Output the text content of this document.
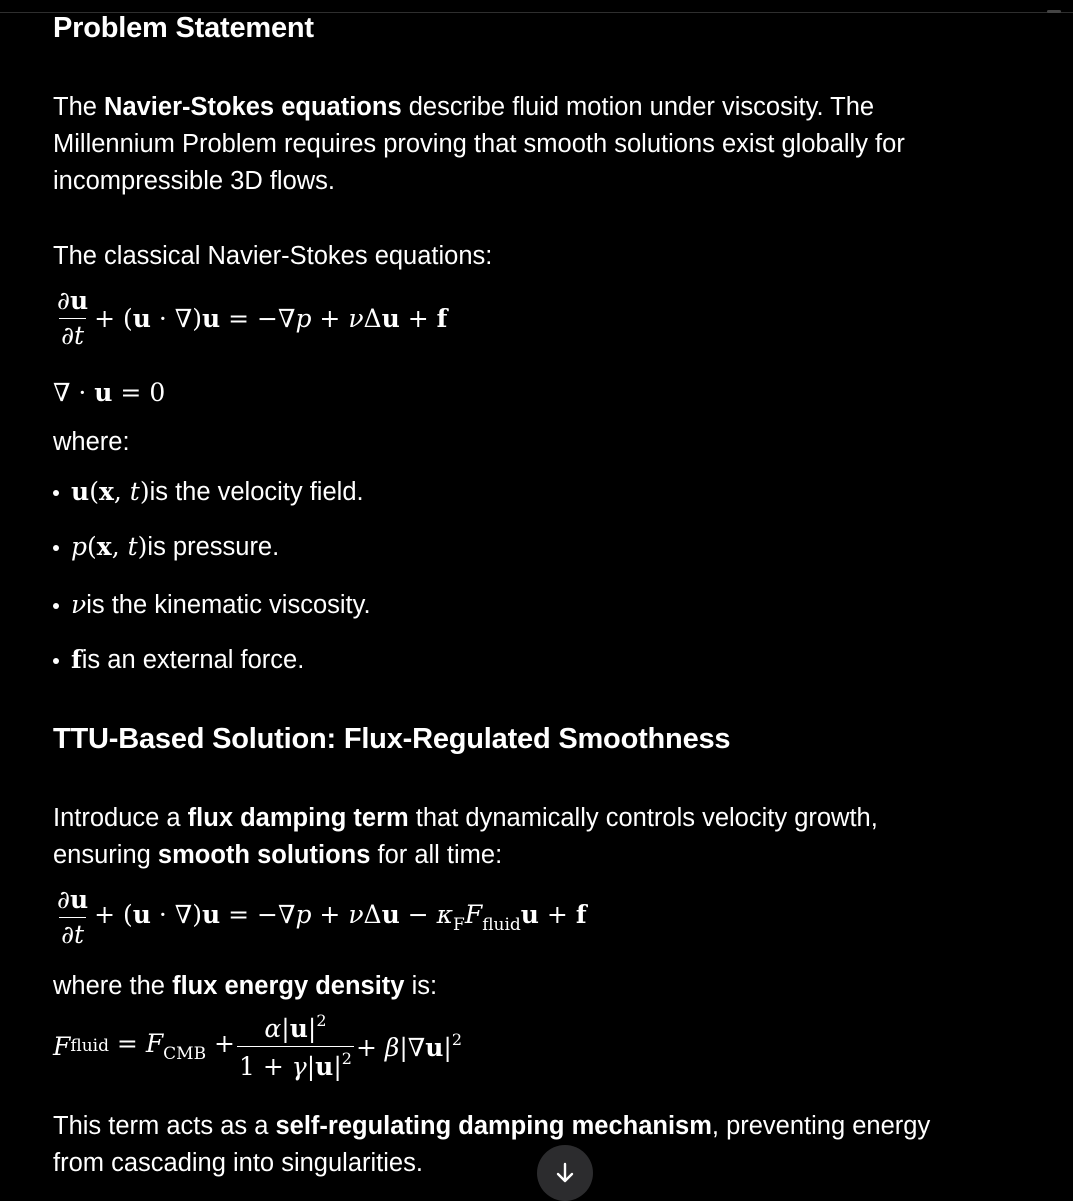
Problem Statement
The Navier-Stokes equations describe fluid motion under viscosity. The
Millennium Problem requires proving that smooth solutions exist globally for
incompressible 3D flows.
The classical Navier-Stokes equations:
$\frac{\partial u}{\partial t} + (u \cdot \nabla)u = -\nabla p + \nu\Delta u + f$
∇ · u = 0
where:
u(x, t) is the velocity field.
p(x, t) is pressure.
ν is the kinematic viscosity.
f is an external force.
TTU-Based Solution: Flux-Regulated Smoothness
Introduce a flux damping term that dynamically controls velocity growth,
ensuring smooth solutions for all time:
$\frac{\partial u}{\partial t} + (u \cdot \nabla)u = -\nabla p + \nu\Delta u - \kappa_FF_{fluid}u + f$
where the flux energy density is:
F fluid = $F_{CMB} + \frac{\alpha|u|^2}{1 + \gamma|u|^2} + \beta|\nabla u|^2$
This term acts as a self-regulating damping mechanism, preventing energy
from cascading into singularities.
